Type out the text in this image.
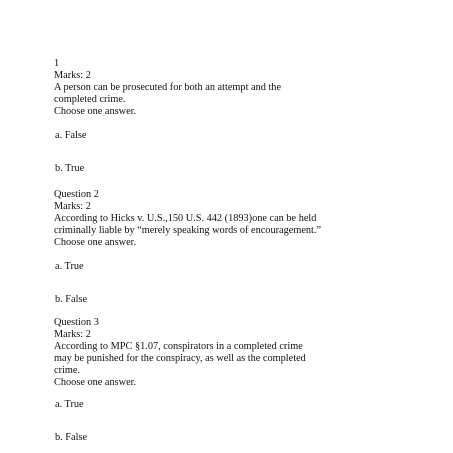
1
Marks: 2
A person can be prosecuted for both an attempt and the
completed crime.
Choose one answer.
a. False
b. True
Question 2
Marks: 2
According to Hicks v. U.S.,150 U.S. 442 (1893)one can be held
criminally liable by “merely speaking words of encouragement.”
Choose one answer.
a. True
b. False
Question 3
Marks: 2
According to MPC §1.07, conspirators in a completed crime
may be punished for the conspiracy, as well as the completed
crime.
Choose one answer.
a. True
b. False
